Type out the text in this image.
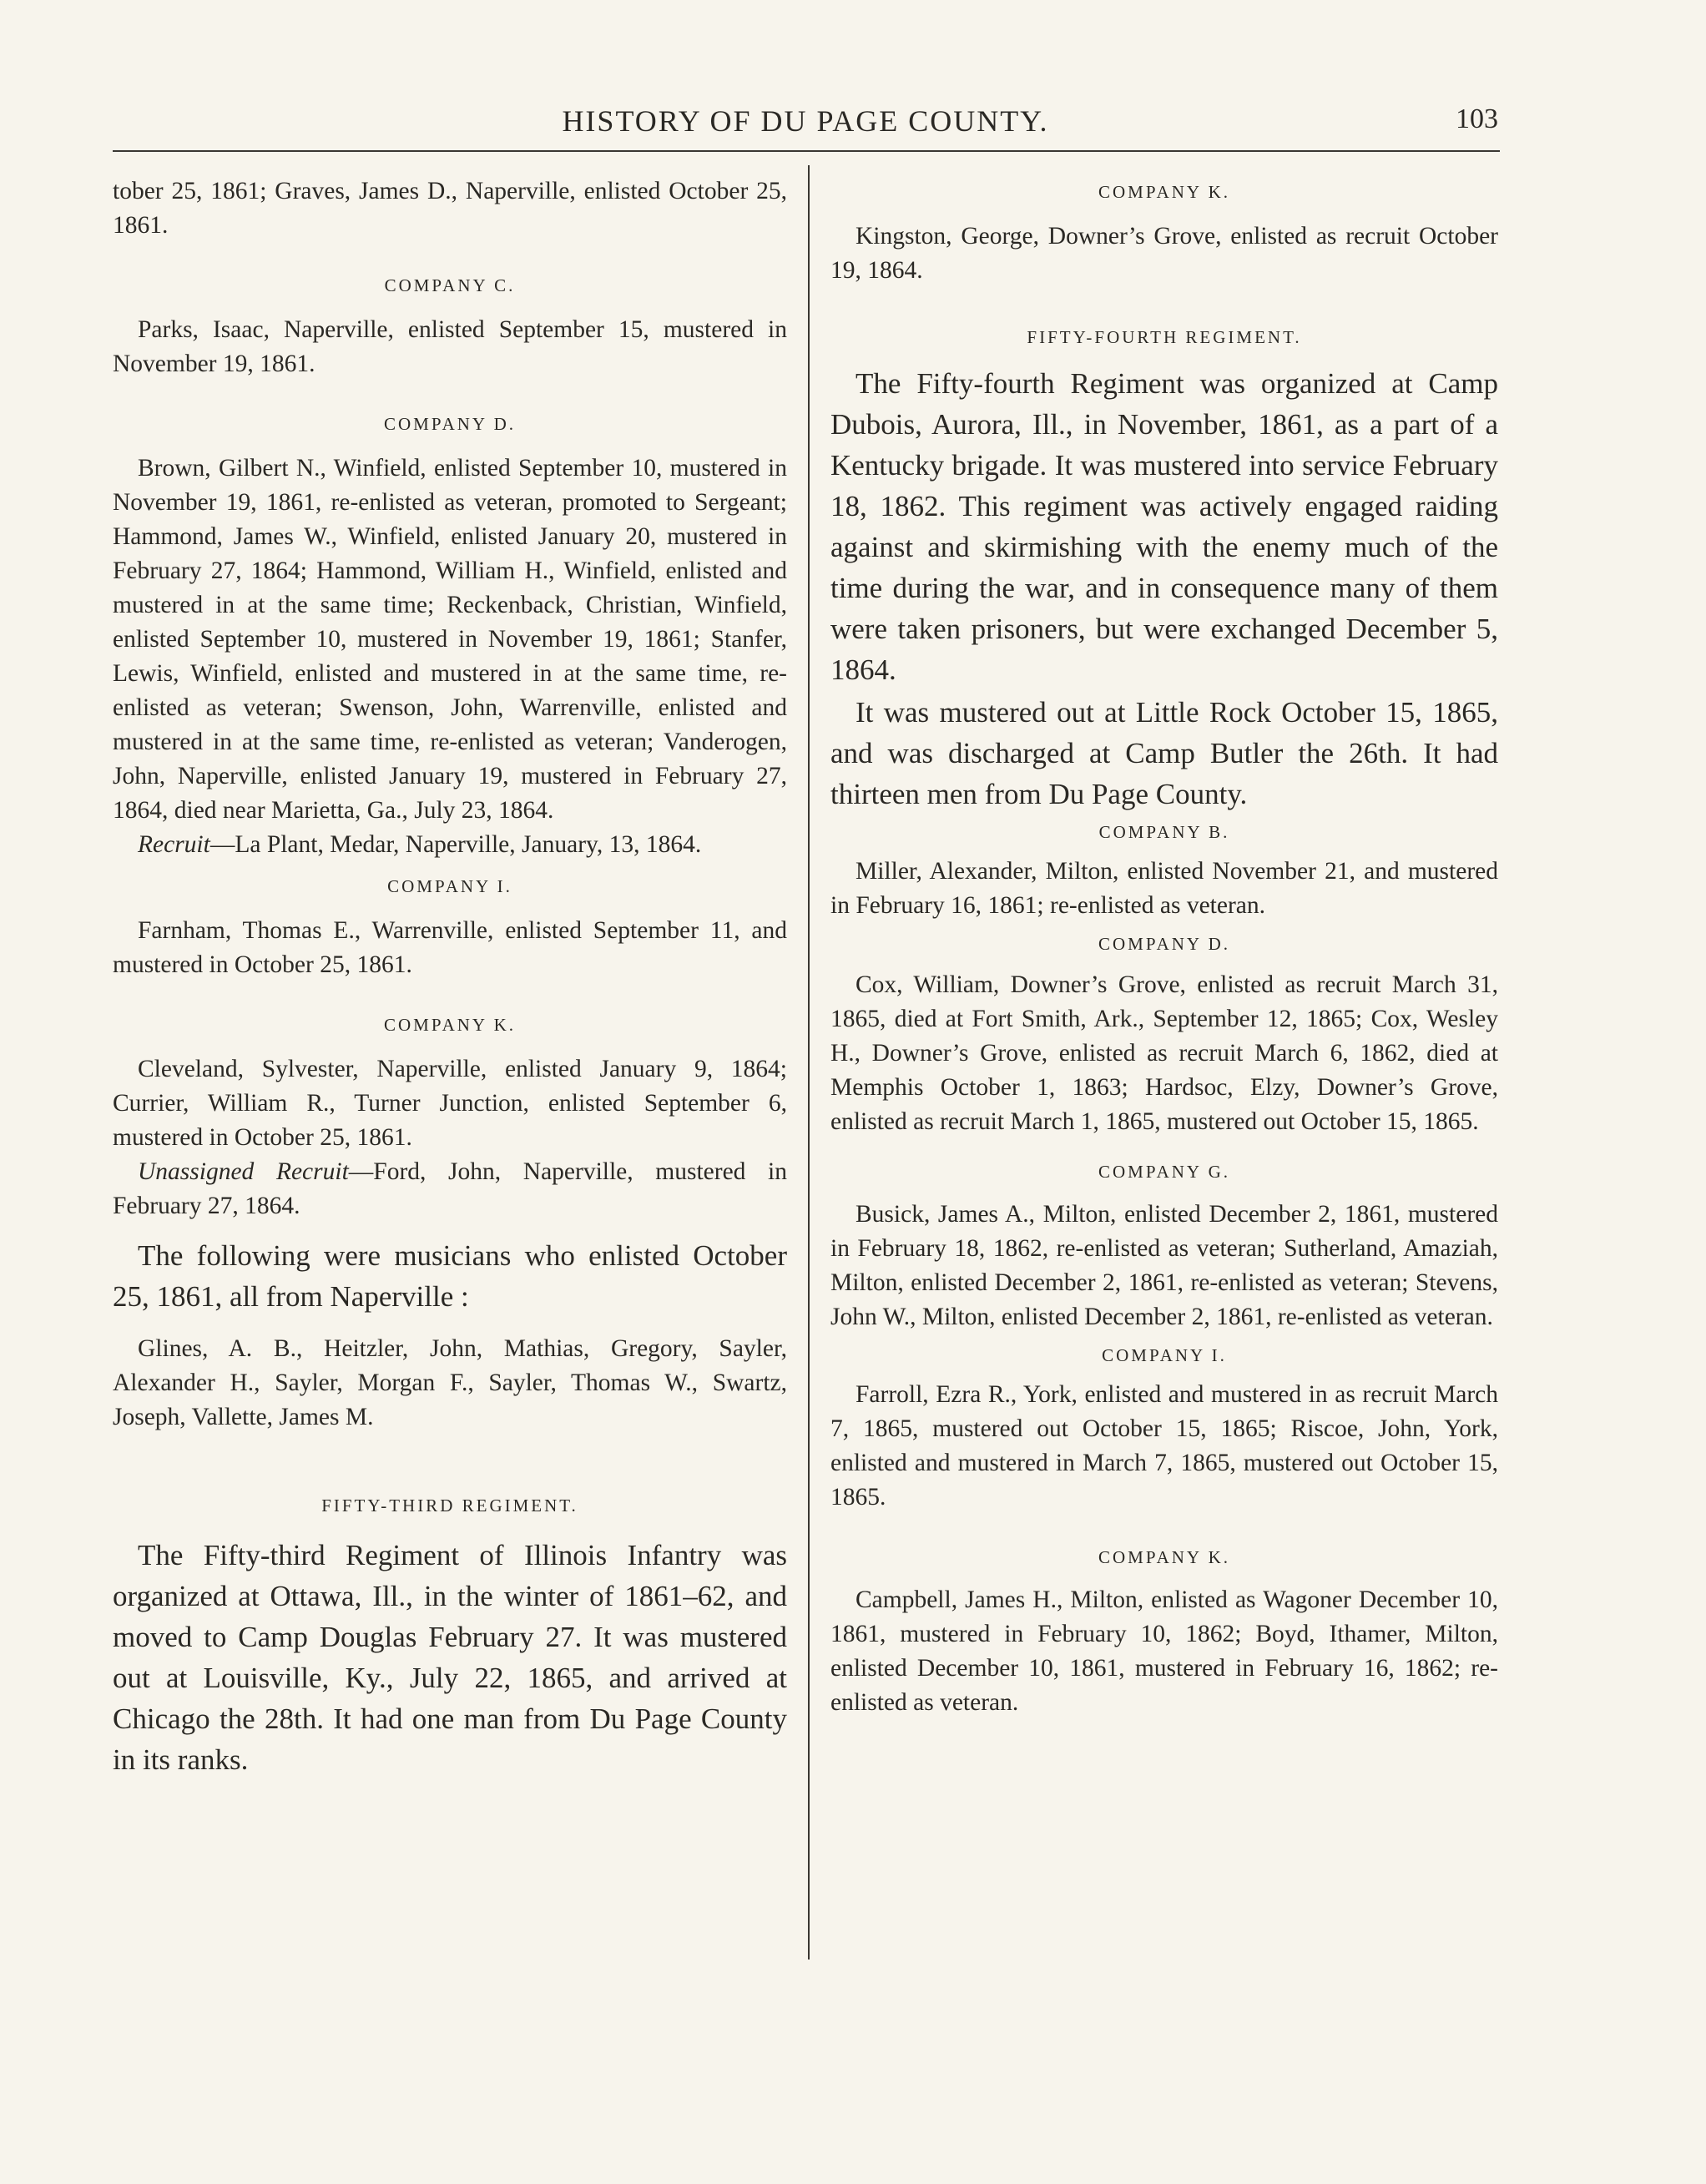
HISTORY OF DU PAGE COUNTY.	103

tober 25, 1861; Graves, James D., Naperville, enlisted October 25, 1861.

COMPANY C.

Parks, Isaac, Naperville, enlisted September 15, mustered in November 19, 1861.

COMPANY D.

Brown, Gilbert N., Winfield, enlisted September 10, mustered in November 19, 1861, re-enlisted as veteran, promoted to Sergeant; Hammond, James W., Winfield, enlisted January 20, mustered in February 27, 1864; Hammond, William H., Winfield, enlisted and mustered in at the same time; Reckenback, Christian, Winfield, enlisted September 10, mustered in November 19, 1861; Stanfer, Lewis, Winfield, enlisted and mustered in at the same time, re-enlisted as veteran; Swenson, John, Warrenville, enlisted and mustered in at the same time, re-enlisted as veteran; Vanderogen, John, Naperville, enlisted January 19, mustered in February 27, 1864, died near Marietta, Ga., July 23, 1864.

Recruit—La Plant, Medar, Naperville, January, 13, 1864.

COMPANY I.

Farnham, Thomas E., Warrenville, enlisted September 11, and mustered in October 25, 1861.

COMPANY K.

Cleveland, Sylvester, Naperville, enlisted January 9, 1864; Currier, William R., Turner Junction, enlisted September 6, mustered in October 25, 1861.

Unassigned Recruit—Ford, John, Naperville, mustered in February 27, 1864.

The following were musicians who enlisted October 25, 1861, all from Naperville :

Glines, A. B., Heitzler, John, Mathias, Gregory, Sayler, Alexander H., Sayler, Morgan F., Sayler, Thomas W., Swartz, Joseph, Vallette, James M.

FIFTY-THIRD REGIMENT.

The Fifty-third Regiment of Illinois Infantry was organized at Ottawa, Ill., in the winter of 1861–62, and moved to Camp Douglas February 27. It was mustered out at Louisville, Ky., July 22, 1865, and arrived at Chicago the 28th. It had one man from Du Page County in its ranks.

COMPANY K.

Kingston, George, Downer’s Grove, enlisted as recruit October 19, 1864.

FIFTY-FOURTH REGIMENT.

The Fifty-fourth Regiment was organized at Camp Dubois, Aurora, Ill., in November, 1861, as a part of a Kentucky brigade. It was mustered into service February 18, 1862. This regiment was actively engaged raiding against and skirmishing with the enemy much of the time during the war, and in consequence many of them were taken prisoners, but were exchanged December 5, 1864.

It was mustered out at Little Rock October 15, 1865, and was discharged at Camp Butler the 26th. It had thirteen men from Du Page County.

COMPANY B.

Miller, Alexander, Milton, enlisted November 21, and mustered in February 16, 1861; re-enlisted as veteran.

COMPANY D.

Cox, William, Downer’s Grove, enlisted as recruit March 31, 1865, died at Fort Smith, Ark., September 12, 1865; Cox, Wesley H., Downer’s Grove, enlisted as recruit March 6, 1862, died at Memphis October 1, 1863; Hardsoc, Elzy, Downer’s Grove, enlisted as recruit March 1, 1865, mustered out October 15, 1865.

COMPANY G.

Busick, James A., Milton, enlisted December 2, 1861, mustered in February 18, 1862, re-enlisted as veteran; Sutherland, Amaziah, Milton, enlisted December 2, 1861, re-enlisted as veteran; Stevens, John W., Milton, enlisted December 2, 1861, re-enlisted as veteran.

COMPANY I.

Farroll, Ezra R., York, enlisted and mustered in as recruit March 7, 1865, mustered out October 15, 1865; Riscoe, John, York, enlisted and mustered in March 7, 1865, mustered out October 15, 1865.

COMPANY K.

Campbell, James H., Milton, enlisted as Wagoner December 10, 1861, mustered in February 10, 1862; Boyd, Ithamer, Milton, enlisted December 10, 1861, mustered in February 16, 1862; re-enlisted as veteran.
